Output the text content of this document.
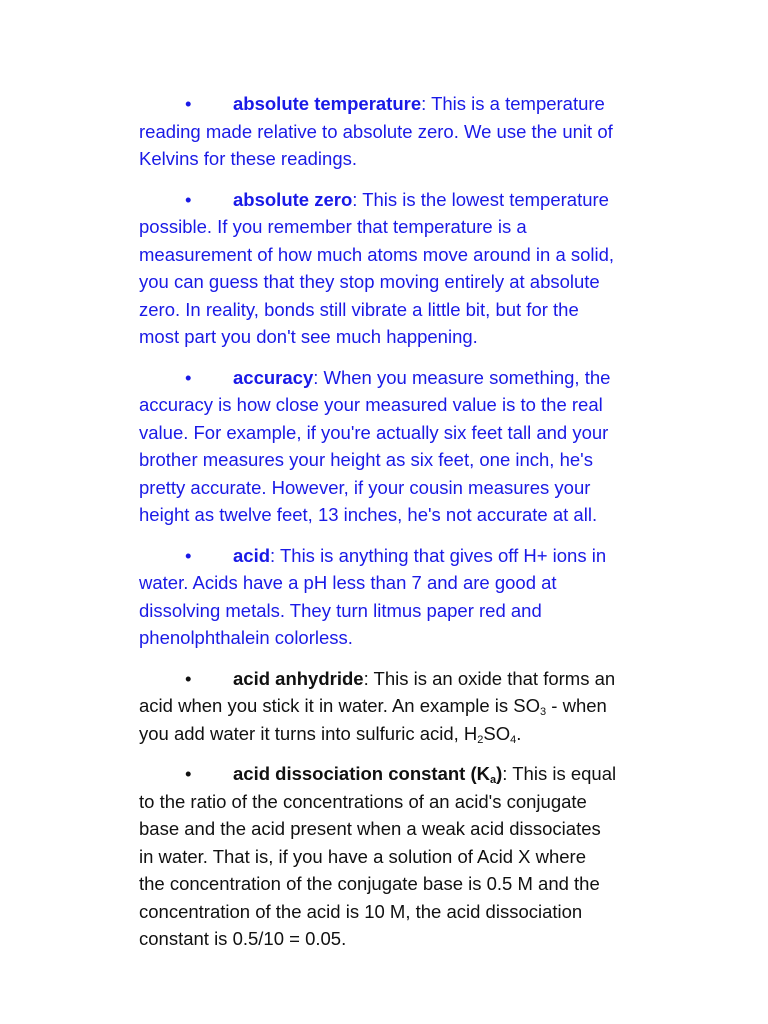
• absolute temperature: This is a temperature
reading made relative to absolute zero. We use the unit of
Kelvins for these readings.
• absolute zero: This is the lowest temperature
possible. If you remember that temperature is a
measurement of how much atoms move around in a solid,
you can guess that they stop moving entirely at absolute
zero. In reality, bonds still vibrate a little bit, but for the
most part you don't see much happening.
• accuracy: When you measure something, the
accuracy is how close your measured value is to the real
value. For example, if you're actually six feet tall and your
brother measures your height as six feet, one inch, he's
pretty accurate. However, if your cousin measures your
height as twelve feet, 13 inches, he's not accurate at all.
• acid: This is anything that gives off H+ ions in
water. Acids have a pH less than 7 and are good at
dissolving metals. They turn litmus paper red and
phenolphthalein colorless.
• acid anhydride: This is an oxide that forms an
acid when you stick it in water. An example is $SO_3$ - when
you add water it turns into sulfuric acid, $H_2SO_4$.
• acid dissociation constant $(K_a)$: This is equal
to the ratio of the concentrations of an acid's conjugate
base and the acid present when a weak acid dissociates
in water. That is, if you have a solution of Acid X where
the concentration of the conjugate base is 0.5 M and the
concentration of the acid is 10 M, the acid dissociation
constant is 0.5/10 = 0.05.
